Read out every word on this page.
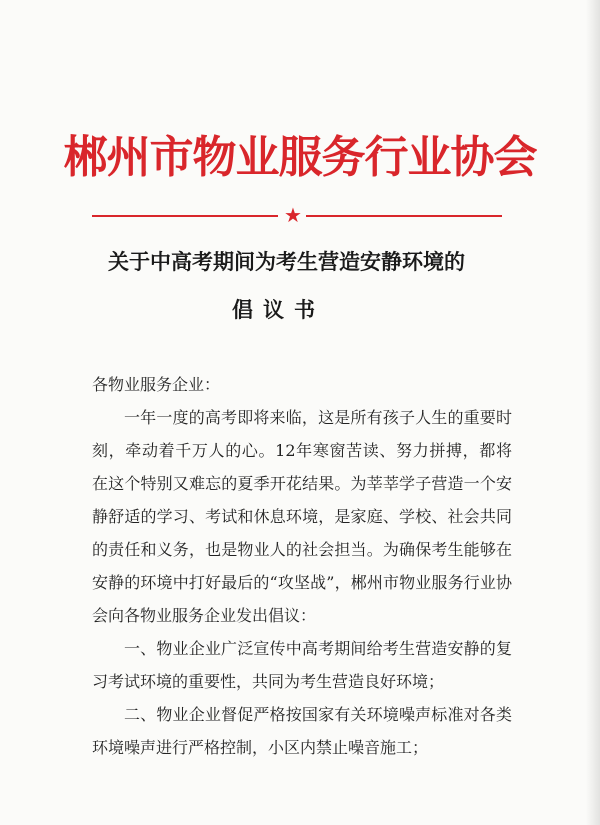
郴州市物业服务行业协会
★
关于中高考期间为考生营造安静环境的
倡议书

各物业服务企业：

一年一度的高考即将来临，这是所有孩子人生的重要时刻，牵动着千万人的心。12年寒窗苦读、努力拼搏，都将在这个特别又难忘的夏季开花结果。为莘莘学子营造一个安静舒适的学习、考试和休息环境，是家庭、学校、社会共同的责任和义务，也是物业人的社会担当。为确保考生能够在安静的环境中打好最后的“攻坚战”，郴州市物业服务行业协会向各物业服务企业发出倡议：

一、物业企业广泛宣传中高考期间给考生营造安静的复习考试环境的重要性，共同为考生营造良好环境；

二、物业企业督促严格按国家有关环境噪声标准对各类环境噪声进行严格控制，小区内禁止噪音施工；
